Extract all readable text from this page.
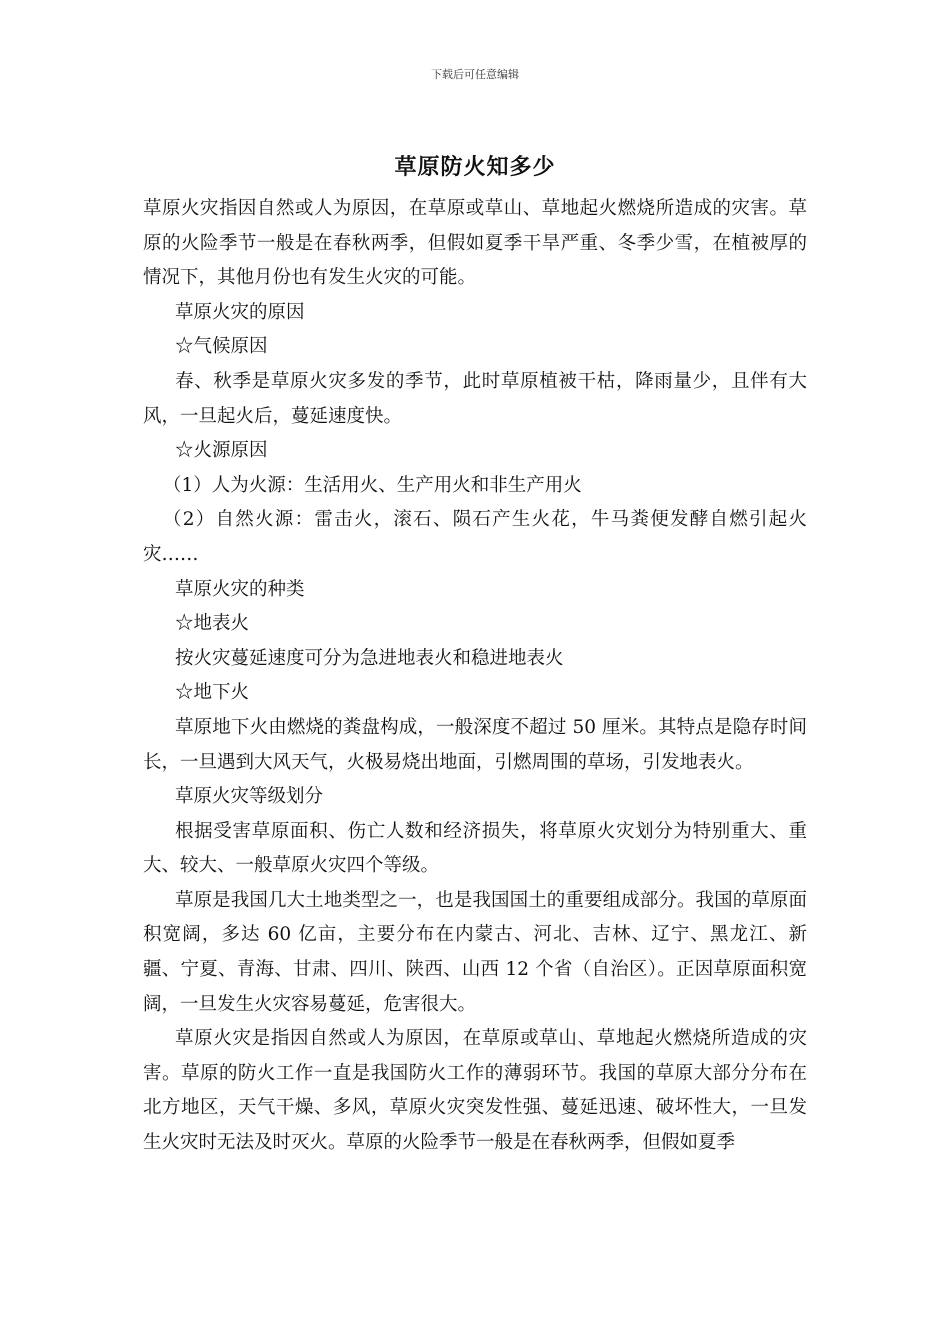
下载后可任意编辑
草原防火知多少

草原火灾指因自然或人为原因，在草原或草山、草地起火燃烧所造成的灾害。草原的火险季节一般是在春秋两季，但假如夏季干旱严重、冬季少雪，在植被厚的情况下，其他月份也有发生火灾的可能。

草原火灾的原因

☆气候原因

春、秋季是草原火灾多发的季节，此时草原植被干枯，降雨量少，且伴有大风，一旦起火后，蔓延速度快。

☆火源原因

（1）人为火源：生活用火、生产用火和非生产用火

（2）自然火源：雷击火，滚石、陨石产生火花，牛马粪便发酵自燃引起火灾……

草原火灾的种类

☆地表火

按火灾蔓延速度可分为急进地表火和稳进地表火

☆地下火

草原地下火由燃烧的粪盘构成，一般深度不超过 50 厘米。其特点是隐存时间长，一旦遇到大风天气，火极易烧出地面，引燃周围的草场，引发地表火。

草原火灾等级划分

根据受害草原面积、伤亡人数和经济损失，将草原火灾划分为特别重大、重大、较大、一般草原火灾四个等级。

草原是我国几大土地类型之一，也是我国国土的重要组成部分。我国的草原面积宽阔，多达 60 亿亩，主要分布在内蒙古、河北、吉林、辽宁、黑龙江、新疆、宁夏、青海、甘肃、四川、陕西、山西 12 个省（自治区）。正因草原面积宽阔，一旦发生火灾容易蔓延，危害很大。

草原火灾是指因自然或人为原因，在草原或草山、草地起火燃烧所造成的灾害。草原的防火工作一直是我国防火工作的薄弱环节。我国的草原大部分分布在北方地区，天气干燥、多风，草原火灾突发性强、蔓延迅速、破坏性大，一旦发生火灾时无法及时灭火。草原的火险季节一般是在春秋两季，但假如夏季
